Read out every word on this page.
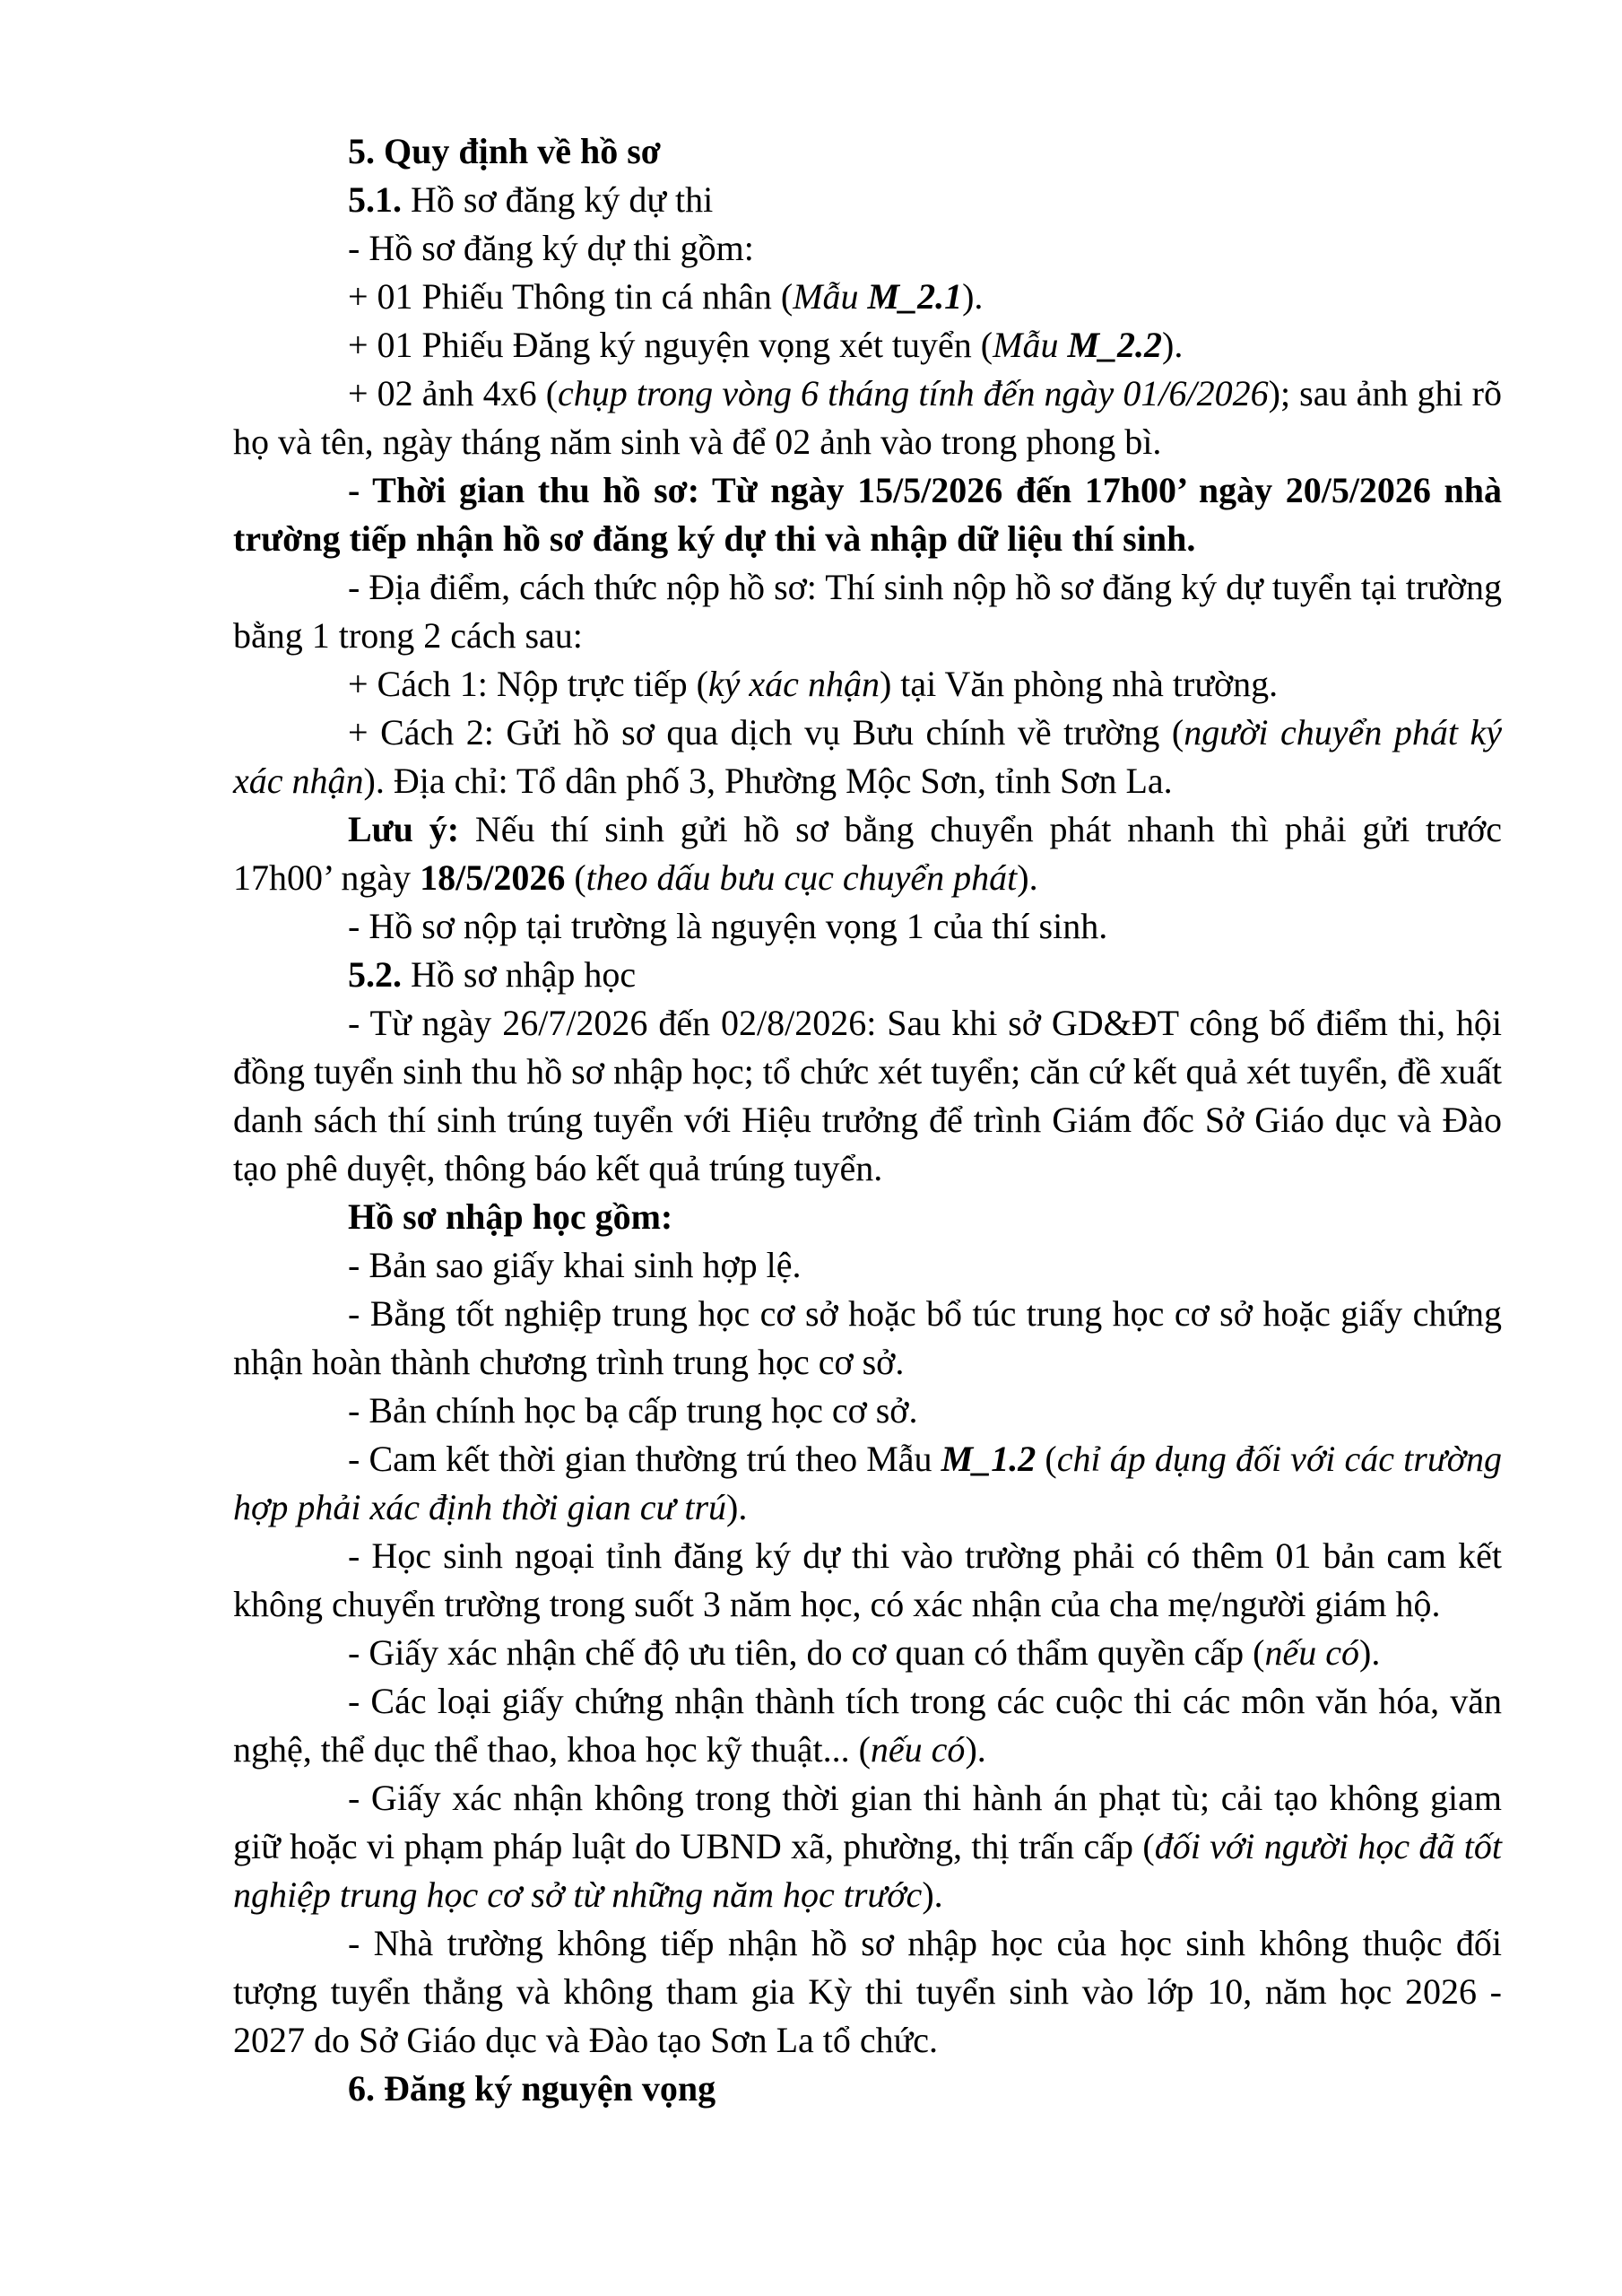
5. Quy định về hồ sơ

5.1. Hồ sơ đăng ký dự thi

- Hồ sơ đăng ký dự thi gồm:

+ 01 Phiếu Thông tin cá nhân (Mẫu M_2.1).

+ 01 Phiếu Đăng ký nguyện vọng xét tuyển (Mẫu M_2.2).

+ 02 ảnh 4x6 (chụp trong vòng 6 tháng tính đến ngày 01/6/2026); sau ảnh ghi rõ họ và tên, ngày tháng năm sinh và để 02 ảnh vào trong phong bì.

- Thời gian thu hồ sơ: Từ ngày 15/5/2026 đến 17h00’ ngày 20/5/2026 nhà trường tiếp nhận hồ sơ đăng ký dự thi và nhập dữ liệu thí sinh.

- Địa điểm, cách thức nộp hồ sơ: Thí sinh nộp hồ sơ đăng ký dự tuyển tại trường bằng 1 trong 2 cách sau:

+ Cách 1: Nộp trực tiếp (ký xác nhận) tại Văn phòng nhà trường.

+ Cách 2: Gửi hồ sơ qua dịch vụ Bưu chính về trường (người chuyển phát ký xác nhận). Địa chỉ: Tổ dân phố 3, Phường Mộc Sơn, tỉnh Sơn La.

Lưu ý: Nếu thí sinh gửi hồ sơ bằng chuyển phát nhanh thì phải gửi trước 17h00’ ngày 18/5/2026 (theo dấu bưu cục chuyển phát).

- Hồ sơ nộp tại trường là nguyện vọng 1 của thí sinh.

5.2. Hồ sơ nhập học

- Từ ngày 26/7/2026 đến 02/8/2026: Sau khi sở GD&ĐT công bố điểm thi, hội đồng tuyển sinh thu hồ sơ nhập học; tổ chức xét tuyển; căn cứ kết quả xét tuyển, đề xuất danh sách thí sinh trúng tuyển với Hiệu trưởng để trình Giám đốc Sở Giáo dục và Đào tạo phê duyệt, thông báo kết quả trúng tuyển.

Hồ sơ nhập học gồm:

- Bản sao giấy khai sinh hợp lệ.

- Bằng tốt nghiệp trung học cơ sở hoặc bổ túc trung học cơ sở hoặc giấy chứng nhận hoàn thành chương trình trung học cơ sở.

- Bản chính học bạ cấp trung học cơ sở.

- Cam kết thời gian thường trú theo Mẫu M_1.2 (chỉ áp dụng đối với các trường hợp phải xác định thời gian cư trú).

- Học sinh ngoại tỉnh đăng ký dự thi vào trường phải có thêm 01 bản cam kết không chuyển trường trong suốt 3 năm học, có xác nhận của cha mẹ/người giám hộ.

- Giấy xác nhận chế độ ưu tiên, do cơ quan có thẩm quyền cấp (nếu có).

- Các loại giấy chứng nhận thành tích trong các cuộc thi các môn văn hóa, văn nghệ, thể dục thể thao, khoa học kỹ thuật... (nếu có).

- Giấy xác nhận không trong thời gian thi hành án phạt tù; cải tạo không giam giữ hoặc vi phạm pháp luật do UBND xã, phường, thị trấn cấp (đối với người học đã tốt nghiệp trung học cơ sở từ những năm học trước).

- Nhà trường không tiếp nhận hồ sơ nhập học của học sinh không thuộc đối tượng tuyển thẳng và không tham gia Kỳ thi tuyển sinh vào lớp 10, năm học 2026 - 2027 do Sở Giáo dục và Đào tạo Sơn La tổ chức.

6. Đăng ký nguyện vọng
